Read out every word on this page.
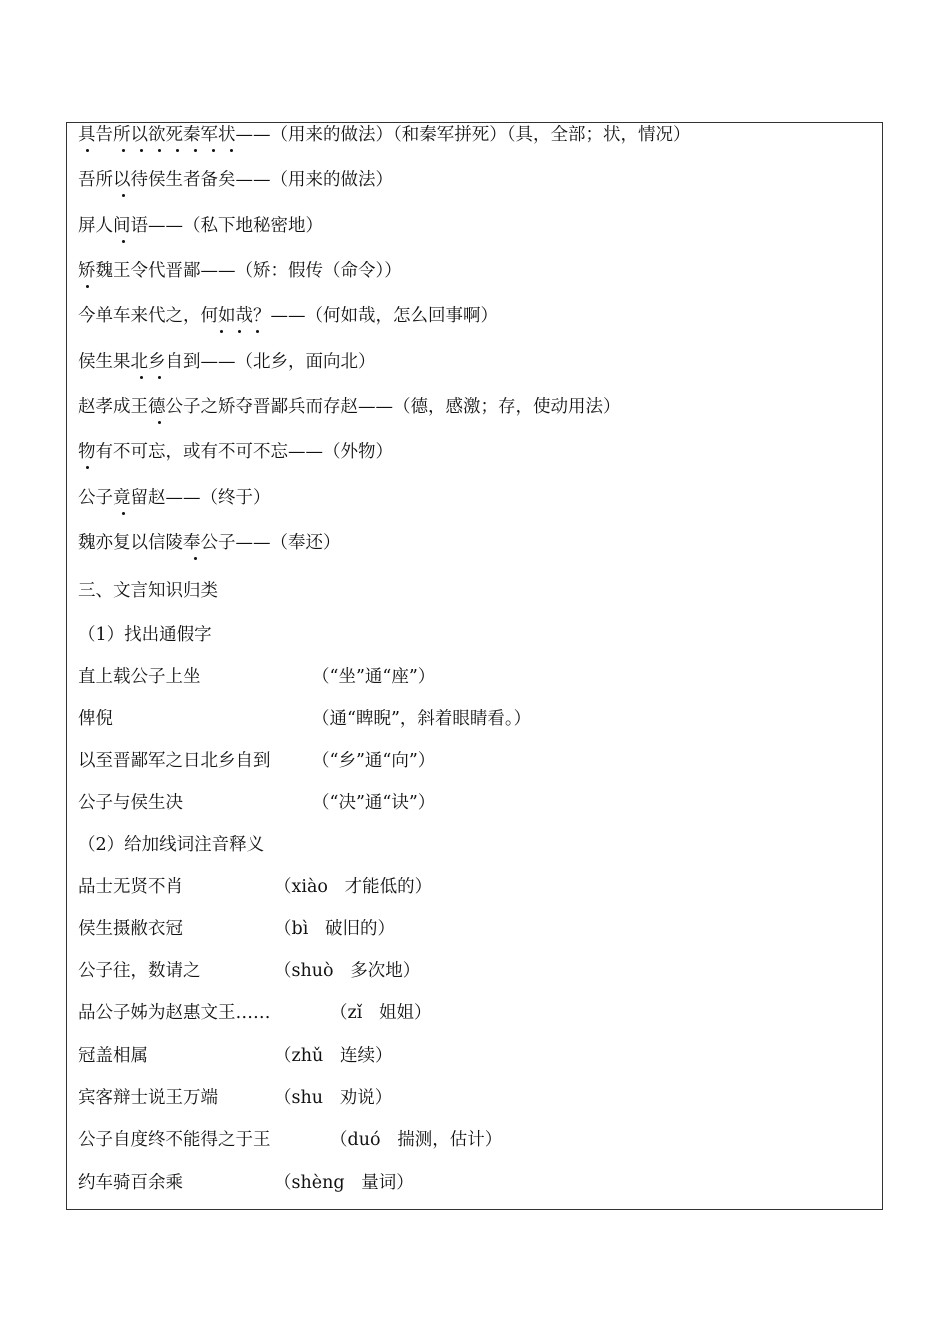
具告所以欲死秦军状——（用来的做法）（和秦军拼死）（具，全部；状，情况）
吾所以待侯生者备矣——（用来的做法）
屏人间语——（私下地秘密地）
矫魏王令代晋鄙——（矫：假传（命令））
今单车来代之，何如哉？——（何如哉，怎么回事啊）
侯生果北乡自到——（北乡，面向北）
赵孝成王德公子之矫夺晋鄙兵而存赵——（德，感激；存，使动用法）
物有不可忘，或有不可不忘——（外物）
公子竟留赵——（终于）
魏亦复以信陵奉公子——（奉还）
三、文言知识归类
（1）找出通假字
直上载公子上坐	（“坐”通“座”）
俾倪	（通“睥睨”，斜着眼睛看。）
以至晋鄙军之日北乡自到 （“乡”通“向”）
公子与侯生决	（“决”通“诀”）
（2）给加线词注音释义
品士无贤不肖	（xiào   才能低的）
侯生摄敝衣冠	（bì   破旧的）
公子往，数请之	（shuò   多次地）
品公子姊为赵惠文王……	（zǐ   姐姐）
冠盖相属	（zhǔ   连续）
宾客辩士说王万端	（shu   劝说）
公子自度终不能得之于王	（duó   揣测，估计）
约车骑百余乘	（shèng   量词）
